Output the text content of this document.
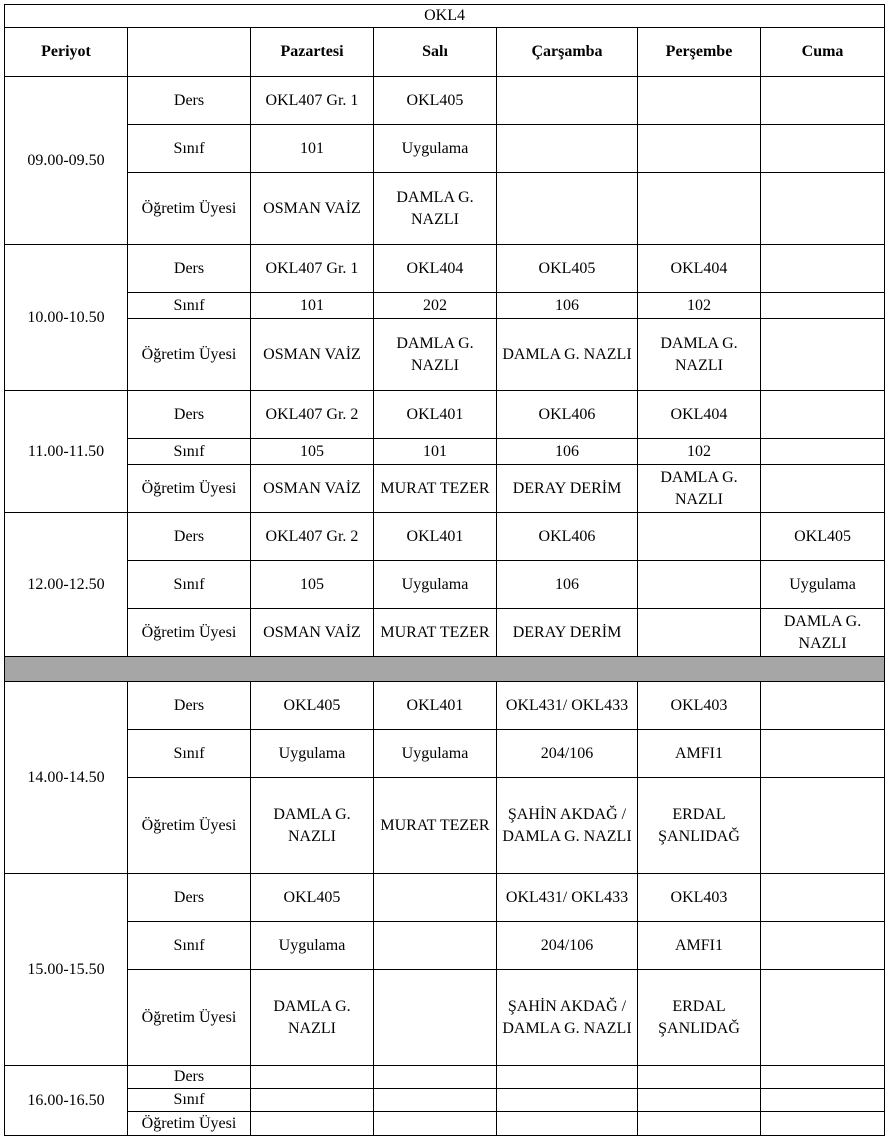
OKL4						
Periyot		Pazartesi	Salı	Çarşamba	Perşembe	Cuma
09.00-09.50	Ders	OKL407 Gr. 1	OKL405			
	Sınıf	101	Uygulama			
	Öğretim Üyesi	OSMAN VAİZ	DAMLA G. NAZLI			
10.00-10.50	Ders	OKL407 Gr. 1	OKL404	OKL405	OKL404	
	Sınıf	101	202	106	102	
	Öğretim Üyesi	OSMAN VAİZ	DAMLA G. NAZLI	DAMLA G. NAZLI	DAMLA G. NAZLI	
11.00-11.50	Ders	OKL407 Gr. 2	OKL401	OKL406	OKL404	
	Sınıf	105	101	106	102	
	Öğretim Üyesi	OSMAN VAİZ	MURAT TEZER	DERAY DERİM	DAMLA G. NAZLI	
12.00-12.50	Ders	OKL407 Gr. 2	OKL401	OKL406		OKL405
	Sınıf	105	Uygulama	106		Uygulama
	Öğretim Üyesi	OSMAN VAİZ	MURAT TEZER	DERAY DERİM		DAMLA G. NAZLI

14.00-14.50	Ders	OKL405	OKL401	OKL431/ OKL433	OKL403	
	Sınıf	Uygulama	Uygulama	204/106	AMFI1	
	Öğretim Üyesi	DAMLA G. NAZLI	MURAT TEZER	ŞAHİN AKDAĞ / DAMLA G. NAZLI	ERDAL ŞANLIDAĞ	
15.00-15.50	Ders	OKL405		OKL431/ OKL433	OKL403	
	Sınıf	Uygulama		204/106	AMFI1	
	Öğretim Üyesi	DAMLA G. NAZLI		ŞAHİN AKDAĞ / DAMLA G. NAZLI	ERDAL ŞANLIDAĞ	
16.00-16.50	Ders					
	Sınıf					
	Öğretim Üyesi					
